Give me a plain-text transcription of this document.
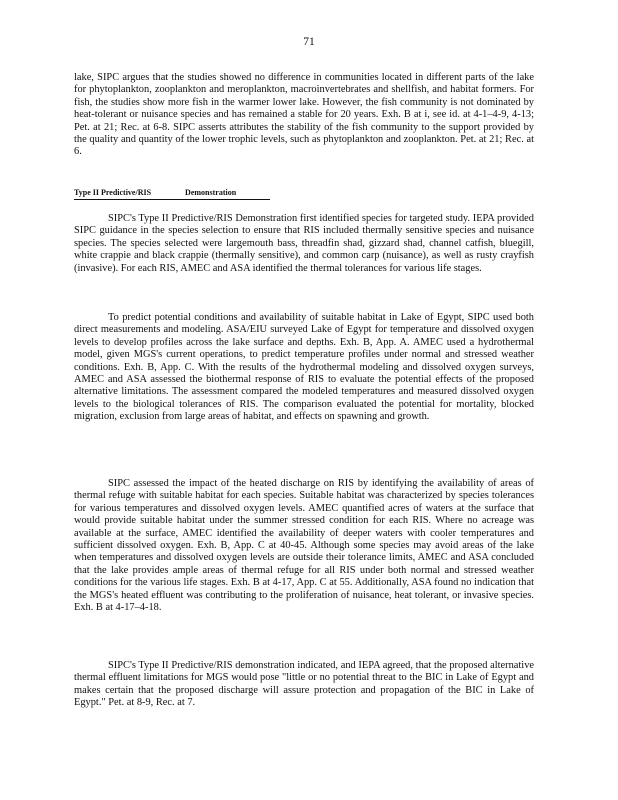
71

lake, SIPC argues that the studies showed no difference in communities located in different parts of the lake for phytoplankton, zooplankton and meroplankton, macroinvertebrates and shellfish, and habitat formers. For fish, the studies show more fish in the warmer lower lake. However, the fish community is not dominated by heat-tolerant or nuisance species and has remained a stable for 20 years. Exh. B at i, see id. at 4-1–4-9, 4-13; Pet. at 21; Rec. at 6-8. SIPC asserts attributes the stability of the fish community to the support provided by the quality and quantity of the lower trophic levels, such as phytoplankton and zooplankton. Pet. at 21; Rec. at 6.

Type II Predictive/RIS	Demonstration

SIPC's Type II Predictive/RIS Demonstration first identified species for targeted study. IEPA provided SIPC guidance in the species selection to ensure that RIS included thermally sensitive species and nuisance species. The species selected were largemouth bass, threadfin shad, gizzard shad, channel catfish, bluegill, white crappie and black crappie (thermally sensitive), and common carp (nuisance), as well as rusty crayfish (invasive). For each RIS, AMEC and ASA identified the thermal tolerances for various life stages.

To predict potential conditions and availability of suitable habitat in Lake of Egypt, SIPC used both direct measurements and modeling. ASA/EIU surveyed Lake of Egypt for temperature and dissolved oxygen levels to develop profiles across the lake surface and depths. Exh. B, App. A. AMEC used a hydrothermal model, given MGS's current operations, to predict temperature profiles under normal and stressed weather conditions. Exh. B, App. C. With the results of the hydrothermal modeling and dissolved oxygen surveys, AMEC and ASA assessed the biothermal response of RIS to evaluate the potential effects of the proposed alternative limitations. The assessment compared the modeled temperatures and measured dissolved oxygen levels to the biological tolerances of RIS. The comparison evaluated the potential for mortality, blocked migration, exclusion from large areas of habitat, and effects on spawning and growth.

SIPC assessed the impact of the heated discharge on RIS by identifying the availability of areas of thermal refuge with suitable habitat for each species. Suitable habitat was characterized by species tolerances for various temperatures and dissolved oxygen levels. AMEC quantified acres of waters at the surface that would provide suitable habitat under the summer stressed condition for each RIS. Where no acreage was available at the surface, AMEC identified the availability of deeper waters with cooler temperatures and sufficient dissolved oxygen. Exh. B, App. C at 40-45. Although some species may avoid areas of the lake when temperatures and dissolved oxygen levels are outside their tolerance limits, AMEC and ASA concluded that the lake provides ample areas of thermal refuge for all RIS under both normal and stressed weather conditions for the various life stages. Exh. B at 4-17, App. C at 55. Additionally, ASA found no indication that the MGS's heated effluent was contributing to the proliferation of nuisance, heat tolerant, or invasive species. Exh. B at 4-17–4-18.

SIPC's Type II Predictive/RIS demonstration indicated, and IEPA agreed, that the proposed alternative thermal effluent limitations for MGS would pose "little or no potential threat to the BIC in Lake of Egypt and makes certain that the proposed discharge will assure protection and propagation of the BIC in Lake of Egypt." Pet. at 8-9, Rec. at 7.
